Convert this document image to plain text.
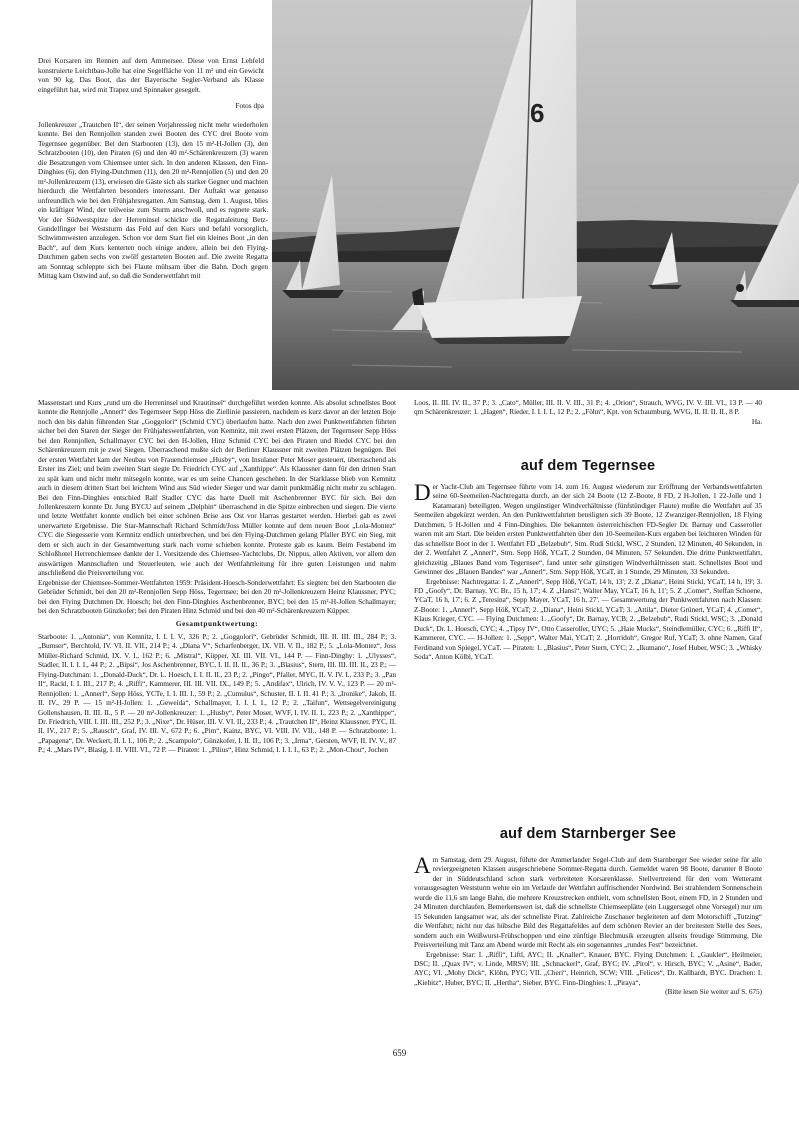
Drei Korsaren im Rennen auf dem Ammersee. Diese von Ernst Lehfeld konstruierte Leichtbau-Jolle hat eine Segelfläche von 11 m² und ein Gewicht von 90 kg. Das Boot, das der Bayerische Segler-Verband als Klasse eingeführt hat, wird mit Trapez und Spinnaker gesegelt.
Fotos dpa	6

Jollenkreuzer „Trautchen II“, der seinen Vorjahressieg nicht mehr wiederholen konnte. Bei den Rennjollen standen zwei Booten des CYC drei Boote vom Tegernsee gegenüber. Bei den Starbooten (13), den 15 m²-H-Jollen (3), den Schratzbooten (10), den Piraten (6) und den 40 m²-Schärenkreuzern (3) waren die Besatzungen vom Chiemsee unter sich. In den anderen Klassen, den Finn-Dinghies (6), den Flying-Dutchmen (11), den 20 m²-Rennjollen (5) und den 20 m²-Jollenkreuzern (13), erwiesen die Gäste sich als starker Gegner und machten hierdurch die Wettfahrten besonders interessant. Der Auftakt war genauso unfreundlich wie bei den Frühjahrsregatten. Am Samstag, dem 1. August, blies ein kräftiger Wind, der teilweise zum Sturm anschwoll, und es regnete stark. Vor der Südwestspitze der Herreninsel schickte die Regattaleitung Betz-Gundelfinger bei Weststurm das Feld auf den Kurs und befahl vorsorglich, Schwimmwesten anzulegen. Schon vor dem Start fiel ein kleines Boot „in den Bach“, auf dem Kurs kenterten noch einige andere, allein bei den Flying-Dutchmen gaben sechs von zwölf gestarteten Booten auf. Die zweite Regatta am Sonntag schleppte sich bei Flaute mühsam über die Bahn. Doch gegen Mittag kam Ostwind auf, so daß die Sonderwettfahrt mit

Massenstart und Kurs „rund um die Herreninsel und Krautinsel“ durchgeführt werden konnte. Als absolut schnellstes Boot konnte die Rennjolle „Annerl“ des Tegernseer Sepp Höss die Ziellinie passieren, nachdem es kurz davor an der letzten Boje noch den bis dahin führenden Star „Goggolori“ (Schmid CYC) überlaufen hatte. Nach den zwei Punktwettfahrten führten sicher bei den Staren der Sieger der Frühjahrswettfahrten, von Kemnitz, mit zwei ersten Plätzen, der Tegernseer Sepp Höss bei den Rennjollen, Schallmayer CYC bei den H-Jollen, Hinz Schmid CYC bei den Piraten und Riedel CYC bei den Schärenkreuzern mit je zwei Siegen. Überraschend mußte sich der Berliner Klaussner mit zweiten Plätzen begnügen. Bei der ersten Wettfahrt kam der Neubau von Frauenchiemsee „Husby“, von Insulaner Peter Moser gesteuert, überraschend als Erster ins Ziel; und beim zweiten Start siegte Dr. Friedrich CYC auf „Xanthippe“. Als Klaussner dann für den dritten Start zu spät kam und nicht mehr mitsegeln konnte, war es um seine Chancen geschehen. In der Starklasse blieb von Kemnitz auch in diesem dritten Start bei leichtem Wind aus Süd wieder Sieger und war damit punktmäßig nicht mehr zu schlagen. Bei den Finn-Dinghies entschied Ralf Stadler CYC das harte Duell mit Aschenbrenner BYC für sich. Bei den Jollenkreuzern konnte Dr. Jung BYCU auf seinem „Delphin“ überraschend in die Spitze einbrechen und siegen. Die vierte und letzte Wettfahrt konnte endlich bei einer schönen Brise aus Ost vor Harras gestartet werden. Hierbei gab es zwei unerwartete Ergebnisse. Die Star-Mannschaft Richard Schmidt/Joss Müller konnte auf dem neuen Boot „Lola-Montez“ CYC die Siegesserie vom Kemnitz endlich unterbrechen, und bei den Flying-Dutchmen gelang Pfaller BYC ein Sieg, mit dem er sich auch in der Gesamtwertung stark nach vorne schieben konnte. Proteste gab es kaum. Beim Festabend im Schloßhotel Herrenchiemsee dankte der 1. Vorsitzende des Chiemsee-Yachtclubs, Dr. Nippus, allen Aktiven, vor allem den auswärtigen Mannschaften und Steuerleuten, wie auch der Wettfahrtleitung für ihre guten Leistungen und nahm anschließend die Preisverteilung vor.

Ergebnisse der Chiemsee-Sommer-Wettfahrten 1959: Präsident-Hoesch-Sonderwettfahrt: Es siegten: bei den Starbooten die Gebrüder Schmidt, bei den 20 m²-Rennjollen Sepp Höss, Tegernsee; bei den 20 m²-Jollenkreuzern Heinz Klaussner, PYC; bei den Flying Dutchmen Dr. Hoesch; bei den Finn-Dinghies Aschenbrenner, BYC; bei den 15 m²-H-Jollen Schallmayer; bei den Schratzbooten Günzkofer; bei den Piraten Hinz Schmid und bei den 40 m²-Schärenkreuzern Küpper.

Gesamtpunktwertung:

Starboote: 1. „Antonia“, von Kemnitz, I. I. I. V., 326 P.; 2. „Goggolori“, Gebrüder Schmidt, III. II. III. III., 284 P.; 3. „Bumser“, Berchtold, IV. VI. II. VII., 214 P.; 4. „Diana V“, Scharfenberger, IX. VII. V. II., 182 P.; 5. „Lola-Montez“, Joss Müller-Richard Schmid, IX. V. I., 162 P.; 6. „Mistral“, Küpper, XI. III. VII. VI., 144 P. — Finn-Dinghy: 1. „Ulysses“, Stadler, II. I. I. I., 44 P.; 2. „Bipsi“, Jos Aschenbrenner, BYC, I. II. II. II., 36 P.; 3. „Blasius“, Stern, III. III. III. II., 23 P.; — Flying-Dutchman: 1. „Donald-Duck“, Dr. L. Hoesch, I. I. II. II., 23 P.; 2. „Pingo“, Pfaller, MYC, II. V. IV. I., 233 P.; 3. „Pan II“, Rackl, I. I. III., 217 P.; 4. „Riffi“, Kammerer, III. III. VII. IX., 149 P.; 5. „Andifax“, Ulrich, IV. V. V., 123 P. — 20 m²-Rennjollen: 1. „Annerl“, Sepp Höss, YCTe, I. I. III. I., 59 P.; 2. „Cumulus“, Schuster, II. I. II. 41 P.; 3. „Ironike“, Jakob, II. II. IV., 29 P. — 15 m²-H-Jollen: 1. „Geweida“, Schallmayer, I. I. I. I., 12 P.; 2. „Taifun“, Wettsegelvereinigung Gollenshausen, II. III. II., 5 P. — 20 m²-Jollenkreuzer: 1. „Husby“, Peter Moser, WVF, I. IV. II. I., 223 P.; 2. „Xanthippe“, Dr. Friedrich, VIII. I. III. III., 252 P.; 3. „Nixe“, Dr. Hüser, III. V. VI. II., 233 P.; 4. „Trautchen II“, Heinz Klaussner, PYC, II. II. IV., 217 P.; 5. „Rausch“, Graf, IV. III. V., 672 P.; 6. „Pim“, Kainz, BYC, VI. VIII. IV. VII., 148 P. — Schratzboote: 1. „Papagena“, Dr. Weckert, II. I. I., 106 P.; 2. „Scampolo“, Günzkofer, I. II. II., 106 P.; 3. „Irma“, Gersten, WVF, II. IV. V., 87 P.; 4. „Mars IV“, Blasig, I. II. VIII. VI., 72 P. — Piraten: 1. „Pilius“, Hinz Schmid, I. I. I. I., 63 P.; 2. „Mon-Chou“, Jochen

Loos, II. III. IV. II., 37 P.; 3. „Cato“, Müller, III. II. V. III., 31 P.; 4. „Orion“, Strauch, WVG, IV. V. III. VI., 13 P. — 40 qm Schärenkreuzer: 1. „Hagen“, Rieder, I. I. I. I., 12 P.; 2. „Föhn“, Kpt. von Schaumburg, WVG, II. II. II. II., 8 P.

Ha.

auf dem Tegernsee

Der Yacht-Club am Tegernsee führte vom 14. zum 16. August wiederum zur Eröffnung der Verbandswettfahrten seine 60-Seemeilen-Nachtregatta durch, an der sich 24 Boote (12 Z-Boote, 8 FD, 2 H-Jollen, 1 22-Jolle und 1 Katamaran) beteiligten. Wegen ungünstiger Windverhältnisse (fünfstündiger Flaute) mußte die Wettfahrt auf 35 Seemeilen abgekürzt werden. An den Punktwettfahrten beteiligten sich 39 Boote, 12 Zwanziger-Rennjollen, 18 Flying Dutchmen, 5 H-Jollen und 4 Finn-Dinghies. Die bekannten österreichischen FD-Segler Dr. Barnay und Casseroller waren mit am Start. Die beiden ersten Punktwettfahrten über den 10-Seemeilen-Kurs ergaben bei leichteren Winden für das schnellste Boot in der 1. Wettfahrt FD „Belzebub“, Stm. Rudi Stickl, WSC, 2 Stunden, 12 Minuten, 40 Sekunden, in der 2. Wettfahrt Z „Annerl“, Stm. Sepp Höß, YCaT, 2 Stunden, 04 Minuten, 57 Sekunden. Die dritte Punktwettfahrt, gleichzeitig „Blaues Band vom Tegernsee“, fand unter sehr günstigen Windverhältnissen statt. Schnellstes Boot und Gewinner des „Blauen Bandes“ war „Annerl“, Stm. Sepp Höß, YCaT, in 1 Stunde, 29 Minuten, 33 Sekunden.

Ergebnisse: Nachtregatta: 1. Z „Annerl“, Sepp Höß, YCaT, 14 h, 13'; 2. Z „Diana“, Heini Stickl, YCaT, 14 h, 19'; 3. FD „Goofy“, Dr. Barnay, YC Br., 15 h, 17'; 4. Z „Hansi“, Walter May, YCaT, 16 h, 11'; 5. Z „Comet“, Steffan Schoene, YCaT, 16 h, 17'; 6. Z „Teresina“, Sepp Mayer, YCaT, 16 h, 27'. — Gesamtwertung der Punktwettfahrten nach Klassen: Z-Boote: 1. „Annerl“, Sepp Höß, YCaT; 2. „Diana“, Heini Stickl, YCaT; 3. „Attila“, Dieter Grünert, YCaT; 4. „Comet“, Klaus Krieger, CYC. — Flying Dutchmen: 1. „Goofy“, Dr. Barnay, YCB; 2. „Belzebub“, Rudi Stickl, WSC; 3. „Donald Duck“, Dr. L. Hoesch, CYC; 4. „Tipsy IV“, Otto Casseroller, UYC; 5. „Haie Mucks“, Steindlemüller, CYC; 6. „Riffi II“, Kammerer, CYC. — H-Jollen: 1. „Sepp“, Walter Mai, YCaT; 2. „Horridoh“, Gregor Ruf, YCaT; 3. ohne Namen, Graf Ferdinand von Spiegel, YCaT. — Piraten: 1. „Blasius“, Peter Stern, CYC; 2. „Ikumano“, Josef Huber, WSC; 3. „Whisky Soda“, Anton Kölbl, YCaT.

auf dem Starnberger See

Am Samstag, dem 29. August, führte der Ammerlander Segel-Club auf dem Starnberger See wieder seine für alle reviergeeigneten Klassen ausgeschriebene Sommer-Regatta durch. Gemeldet waren 98 Boote, darunter 8 Boote der in Süddeutschland schon stark verbreiteten Korsarenklasse. Stellvertretend für den vom Wetteramt vorausgesagten Weststurm wehte ein im Verlaufe der Wettfahrt auffrischender Nordwind. Bei strahlendem Sonnenschein wurde die 11,6 sm lange Bahn, die mehrere Kreuzstrecken enthielt, vom schnellsten Boot, einem FD, in 2 Stunden und 24 Minuten durchlaufen. Bemerkenswert ist, daß die schnellste Chiemseeplätte (ein Luggersegel ohne Vorsegel) nur um 15 Sekunden langsamer war, als der schnellste Pirat. Zahlreiche Zuschauer begleiteten auf dem Motorschiff „Tutzing“ die Wettfahrt; nicht nur das hübsche Bild des Regattafeldes auf dem schönen Revier an der breitesten Stelle des Sees, sondern auch ein Weißwurst-Frühschoppen und eine zünftige Blechmusik erzeugten allseits freudige Stimmung. Die Preisverteilung mit Tanz am Abend wurde mit Recht als ein sogenanntes „rundes Fest“ bezeichnet.

Ergebnisse: Star: I. „Riffi“, Liftl, AYC; II. „Knaller“, Knauer, BYC. Flying Dutchmen: I. „Gaukler“, Heilmeier, DSC; II. „Quax IV“, v. Linde, MRSV; III. „Schnackerl“, Graf, BYC; IV. „Pirol“, v. Hirsch, BYC; V. „Asine“, Bader, AYC; VI. „Moby Dick“, Klöhn, PYC; VII. „Cheri“, Heinrich, SCW; VIII. „Felices“, Dr. Kallhardt, BYC. Drachen: I. „Kiebitz“, Huber, BYC; II. „Hertha“, Sieber, BYC. Finn-Dinghies: I. „Piraya“,

(Bitte lesen Sie weiter auf S. 675)

659
